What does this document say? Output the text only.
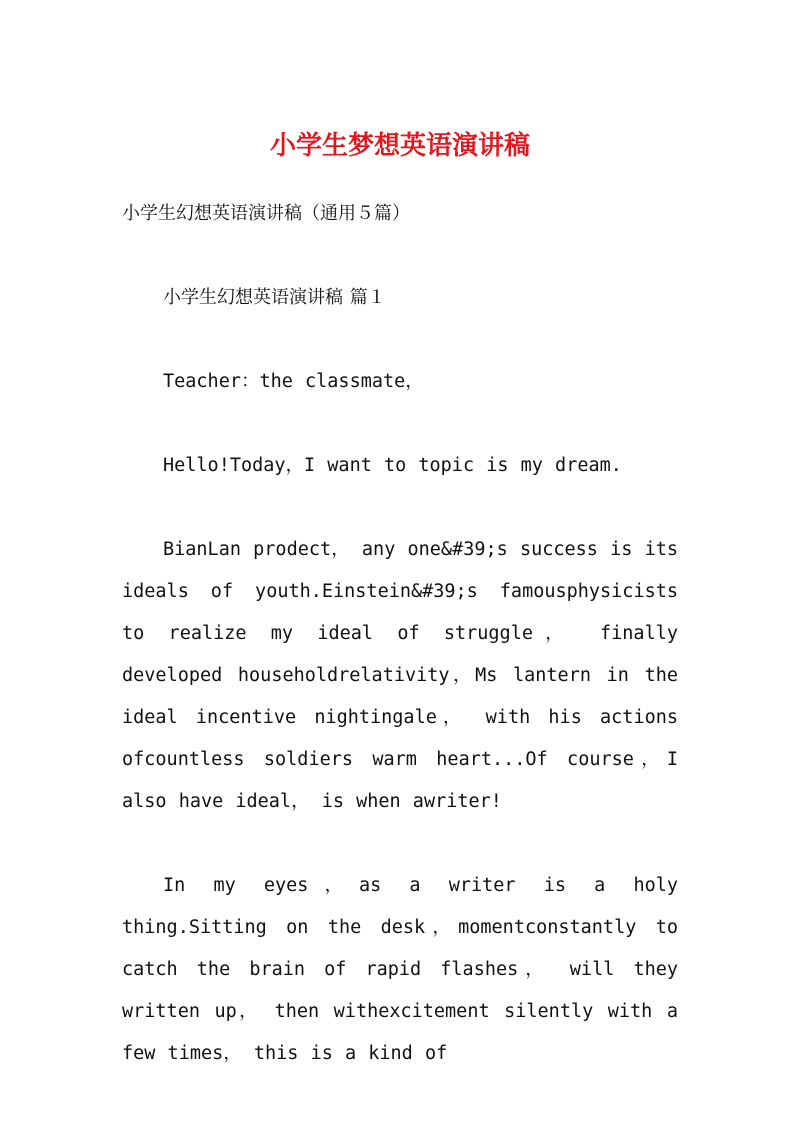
小学生梦想英语演讲稿

小学生幻想英语演讲稿（通用５篇）

小学生幻想英语演讲稿 篇１

Teacher：the classmate，

Hello!Today，I want to topic is my dream.

BianLan prodect， any one&#39;s success is its ideals of youth.Einstein&#39;s famousphysicists to realize my ideal of struggle， finally developed householdrelativity，Ms lantern in the ideal incentive nightingale， with his actions ofcountless soldiers warm heart...Of course，I also have ideal， is when awriter!

In my eyes，as a writer is a holy thing.Sitting on the desk，momentconstantly to catch the brain of rapid flashes， will they written up， then withexcitement silently with a few times， this is a kind of
